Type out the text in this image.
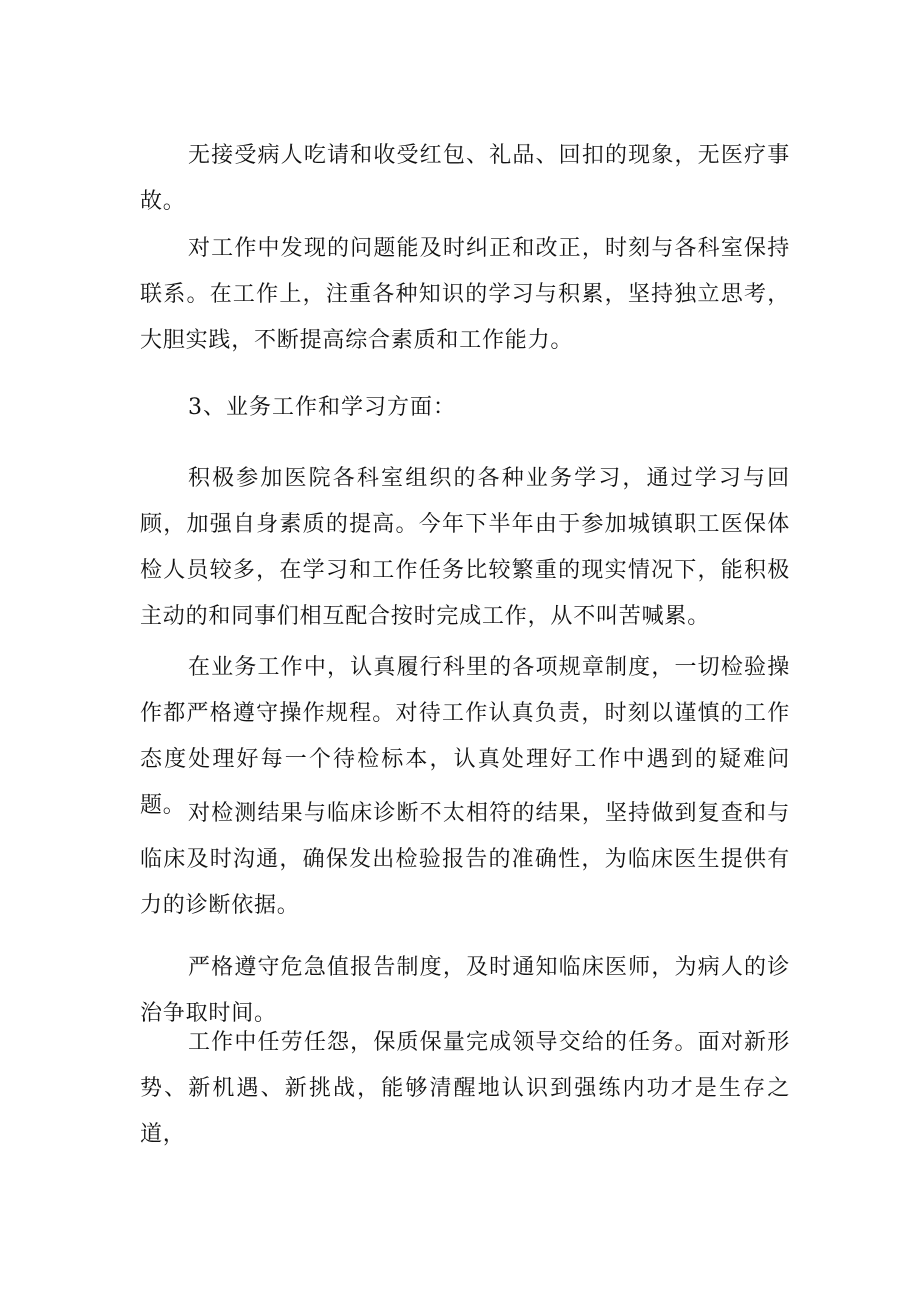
无接受病人吃请和收受红包、礼品、回扣的现象，无医疗事故。

对工作中发现的问题能及时纠正和改正，时刻与各科室保持联系。在工作上，注重各种知识的学习与积累，坚持独立思考，大胆实践，不断提高综合素质和工作能力。

3、业务工作和学习方面：

积极参加医院各科室组织的各种业务学习，通过学习与回顾，加强自身素质的提高。今年下半年由于参加城镇职工医保体检人员较多，在学习和工作任务比较繁重的现实情况下，能积极主动的和同事们相互配合按时完成工作，从不叫苦喊累。

在业务工作中，认真履行科里的各项规章制度，一切检验操作都严格遵守操作规程。对待工作认真负责，时刻以谨慎的工作态度处理好每一个待检标本，认真处理好工作中遇到的疑难问题。 对检测结果与临床诊断不太相符的结果，坚持做到复查和与临床及时沟通，确保发出检验报告的准确性，为临床医生提供有力的诊断依据。

严格遵守危急值报告制度，及时通知临床医师，为病人的诊治争取时间。

工作中任劳任怨，保质保量完成领导交给的任务。面对新形势、新机遇、新挑战，能够清醒地认识到强练内功才是生存之道，
